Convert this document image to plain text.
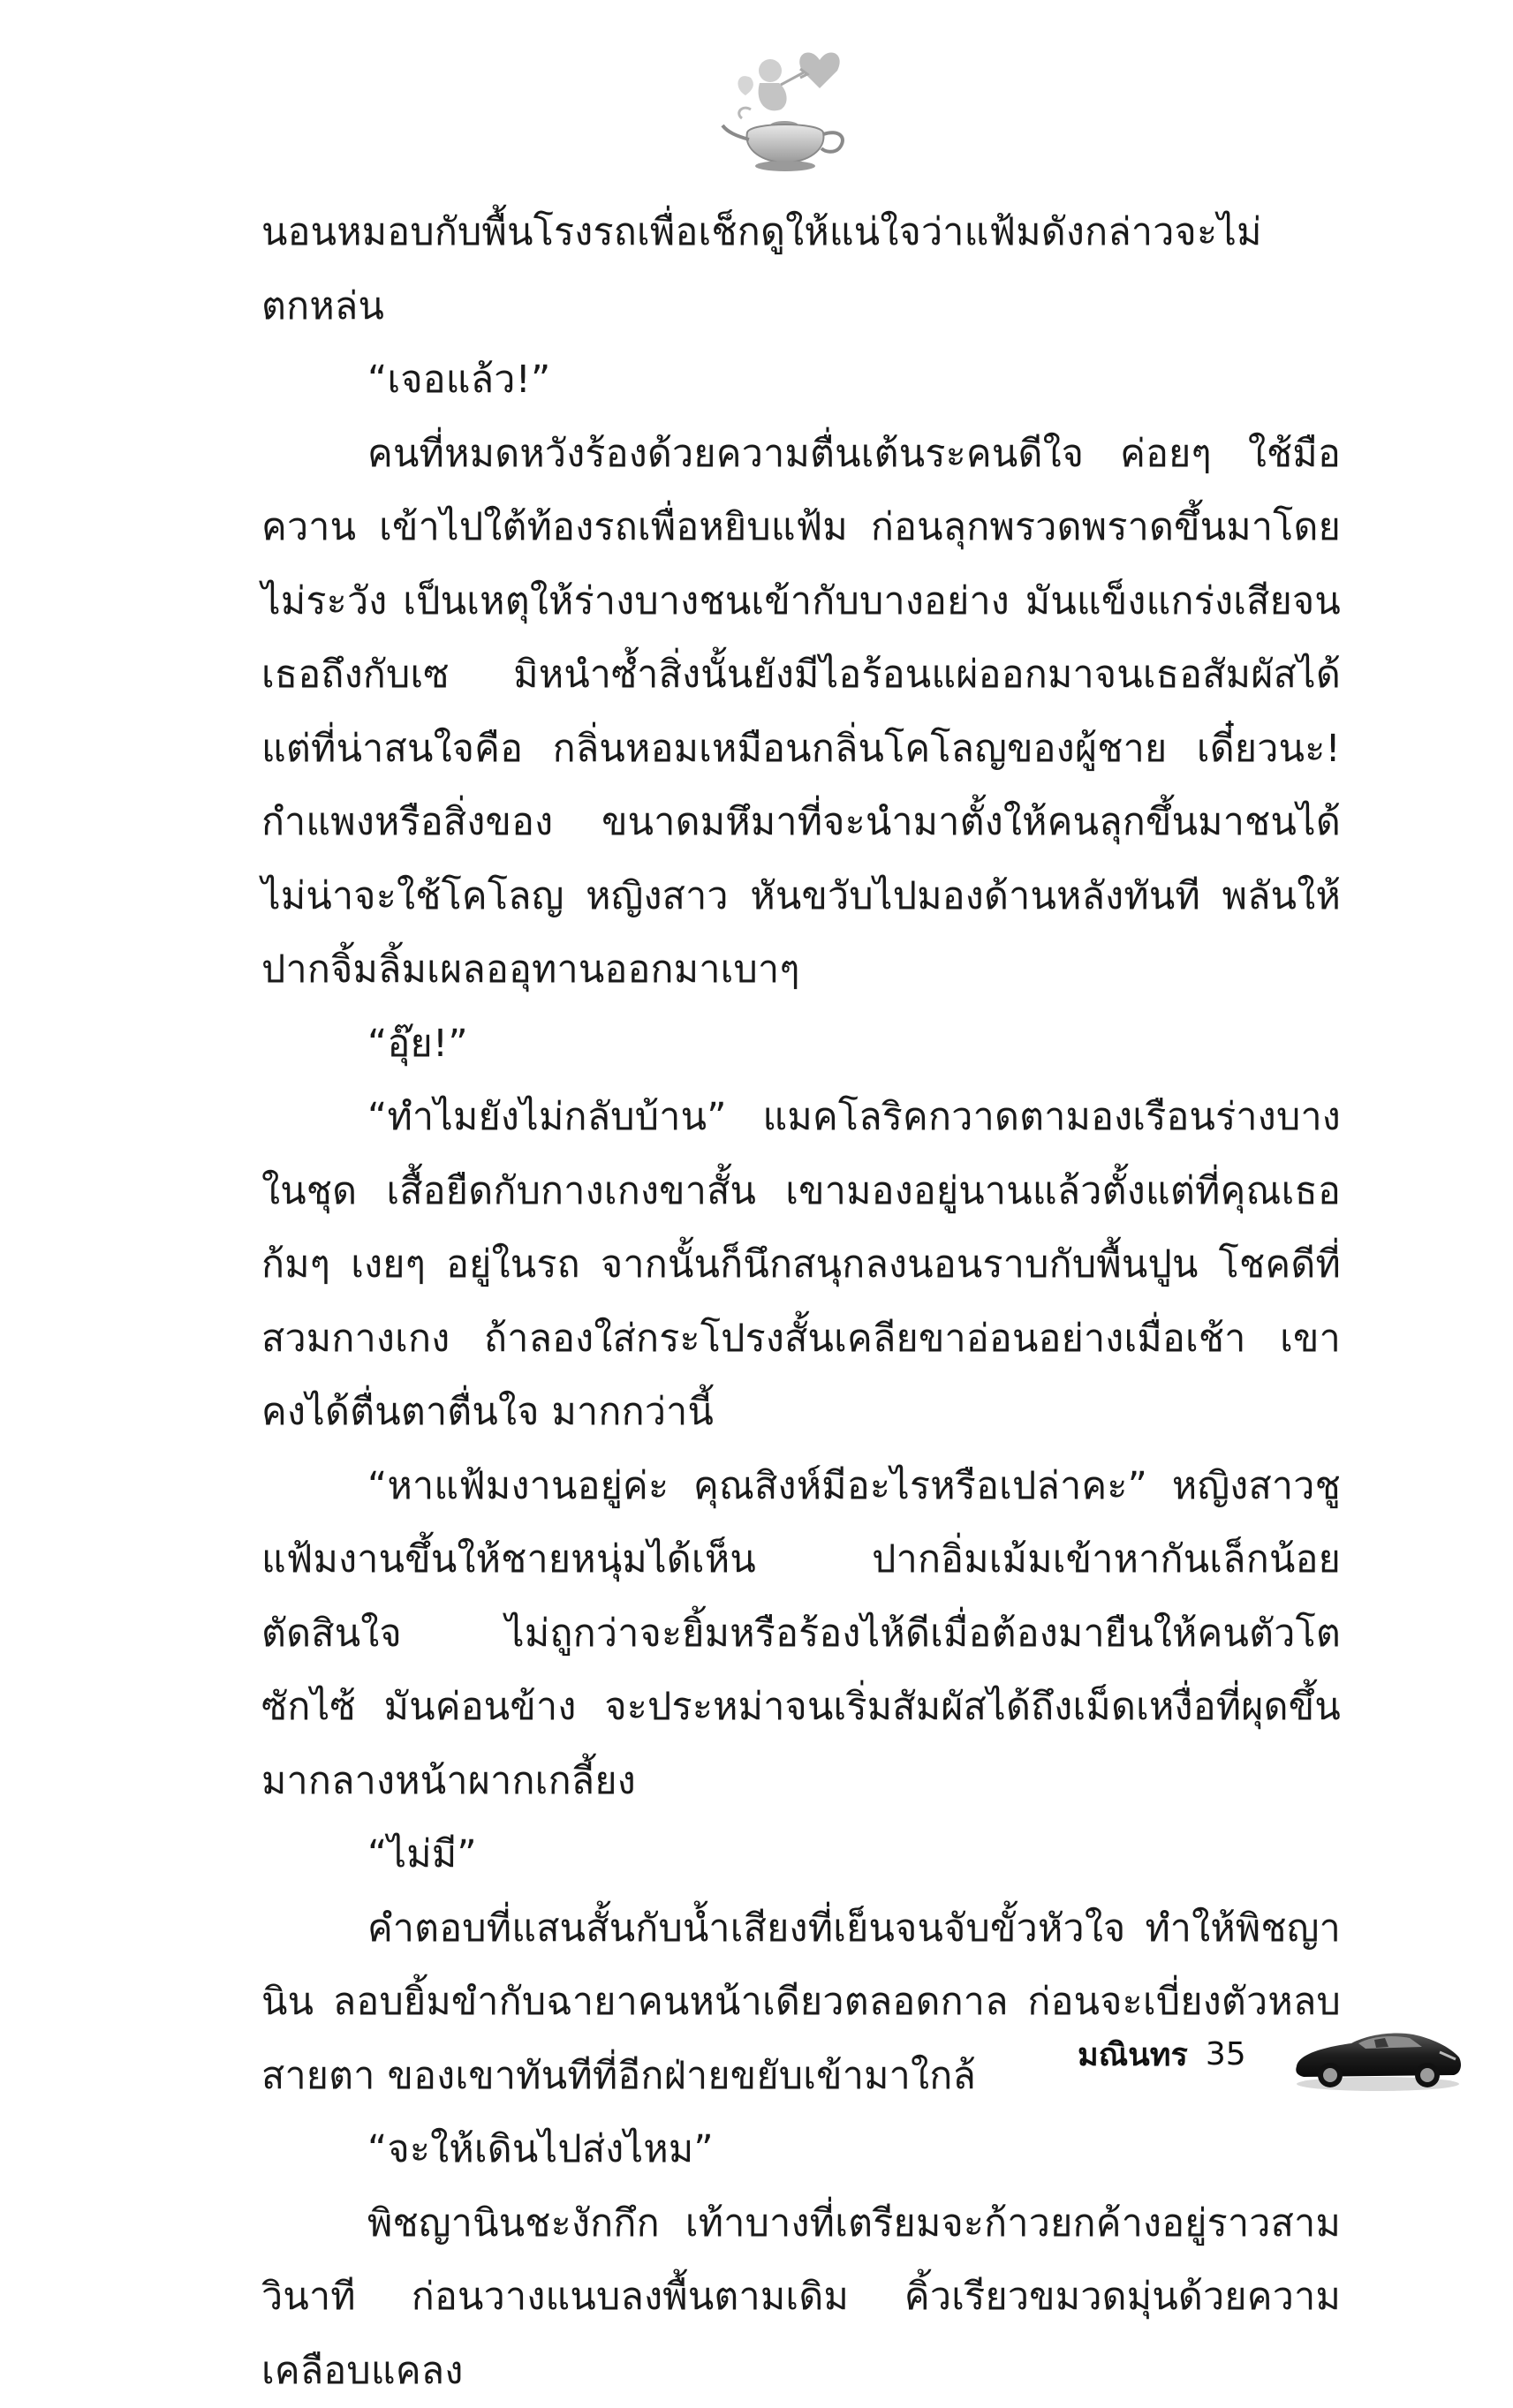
นอนหมอบกับพื้นโรงรถเพื่อเช็กดูให้แน่ใจว่าแฟ้มดังกล่าวจะไม่ตกหล่น

“เจอแล้ว!”

คนที่หมดหวังร้องด้วยความตื่นเต้นระคนดีใจ ค่อยๆ ใช้มือควาน เข้าไปใต้ท้องรถเพื่อหยิบแฟ้ม ก่อนลุกพรวดพราดขึ้นมาโดยไม่ระวัง เป็นเหตุให้ร่างบางชนเข้ากับบางอย่าง มันแข็งแกร่งเสียจนเธอถึงกับเซ มิหนำซ้ำสิ่งนั้นยังมีไอร้อนแผ่ออกมาจนเธอสัมผัสได้ แต่ที่น่าสนใจคือ กลิ่นหอมเหมือนกลิ่นโคโลญของผู้ชาย เดี๋ยวนะ! กำแพงหรือสิ่งของ ขนาดมหึมาที่จะนำมาตั้งให้คนลุกขึ้นมาชนได้ไม่น่าจะใช้โคโลญ หญิงสาว หันขวับไปมองด้านหลังทันที พลันให้ปากจิ้มลิ้มเผลออุทานออกมาเบาๆ

“อุ๊ย!”

“ทำไมยังไม่กลับบ้าน” แมคโลริคกวาดตามองเรือนร่างบางในชุด เสื้อยืดกับกางเกงขาสั้น เขามองอยู่นานแล้วตั้งแต่ที่คุณเธอก้มๆ เงยๆ อยู่ในรถ จากนั้นก็นึกสนุกลงนอนราบกับพื้นปูน โชคดีที่สวมกางเกง ถ้าลองใส่กระโปรงสั้นเคลียขาอ่อนอย่างเมื่อเช้า เขาคงได้ตื่นตาตื่นใจ มากกว่านี้

“หาแฟ้มงานอยู่ค่ะ คุณสิงห์มีอะไรหรือเปล่าคะ” หญิงสาวชู แฟ้มงานขึ้นให้ชายหนุ่มได้เห็น ปากอิ่มเม้มเข้าหากันเล็กน้อย ตัดสินใจ ไม่ถูกว่าจะยิ้มหรือร้องไห้ดีเมื่อต้องมายืนให้คนตัวโตซักไซ้ มันค่อนข้าง จะประหม่าจนเริ่มสัมผัสได้ถึงเม็ดเหงื่อที่ผุดขึ้นมากลางหน้าผากเกลี้ยง

“ไม่มี”

คำตอบที่แสนสั้นกับน้ำเสียงที่เย็นจนจับขั้วหัวใจ ทำให้พิชญานิน ลอบยิ้มขำกับฉายาคนหน้าเดียวตลอดกาล ก่อนจะเบี่ยงตัวหลบสายตา ของเขาทันทีที่อีกฝ่ายขยับเข้ามาใกล้

“จะให้เดินไปส่งไหม”

พิชญานินชะงักกึก เท้าบางที่เตรียมจะก้าวยกค้างอยู่ราวสามวินาที ก่อนวางแนบลงพื้นตามเดิม คิ้วเรียวขมวดมุ่นด้วยความเคลือบแคลง

มณินทร 35
